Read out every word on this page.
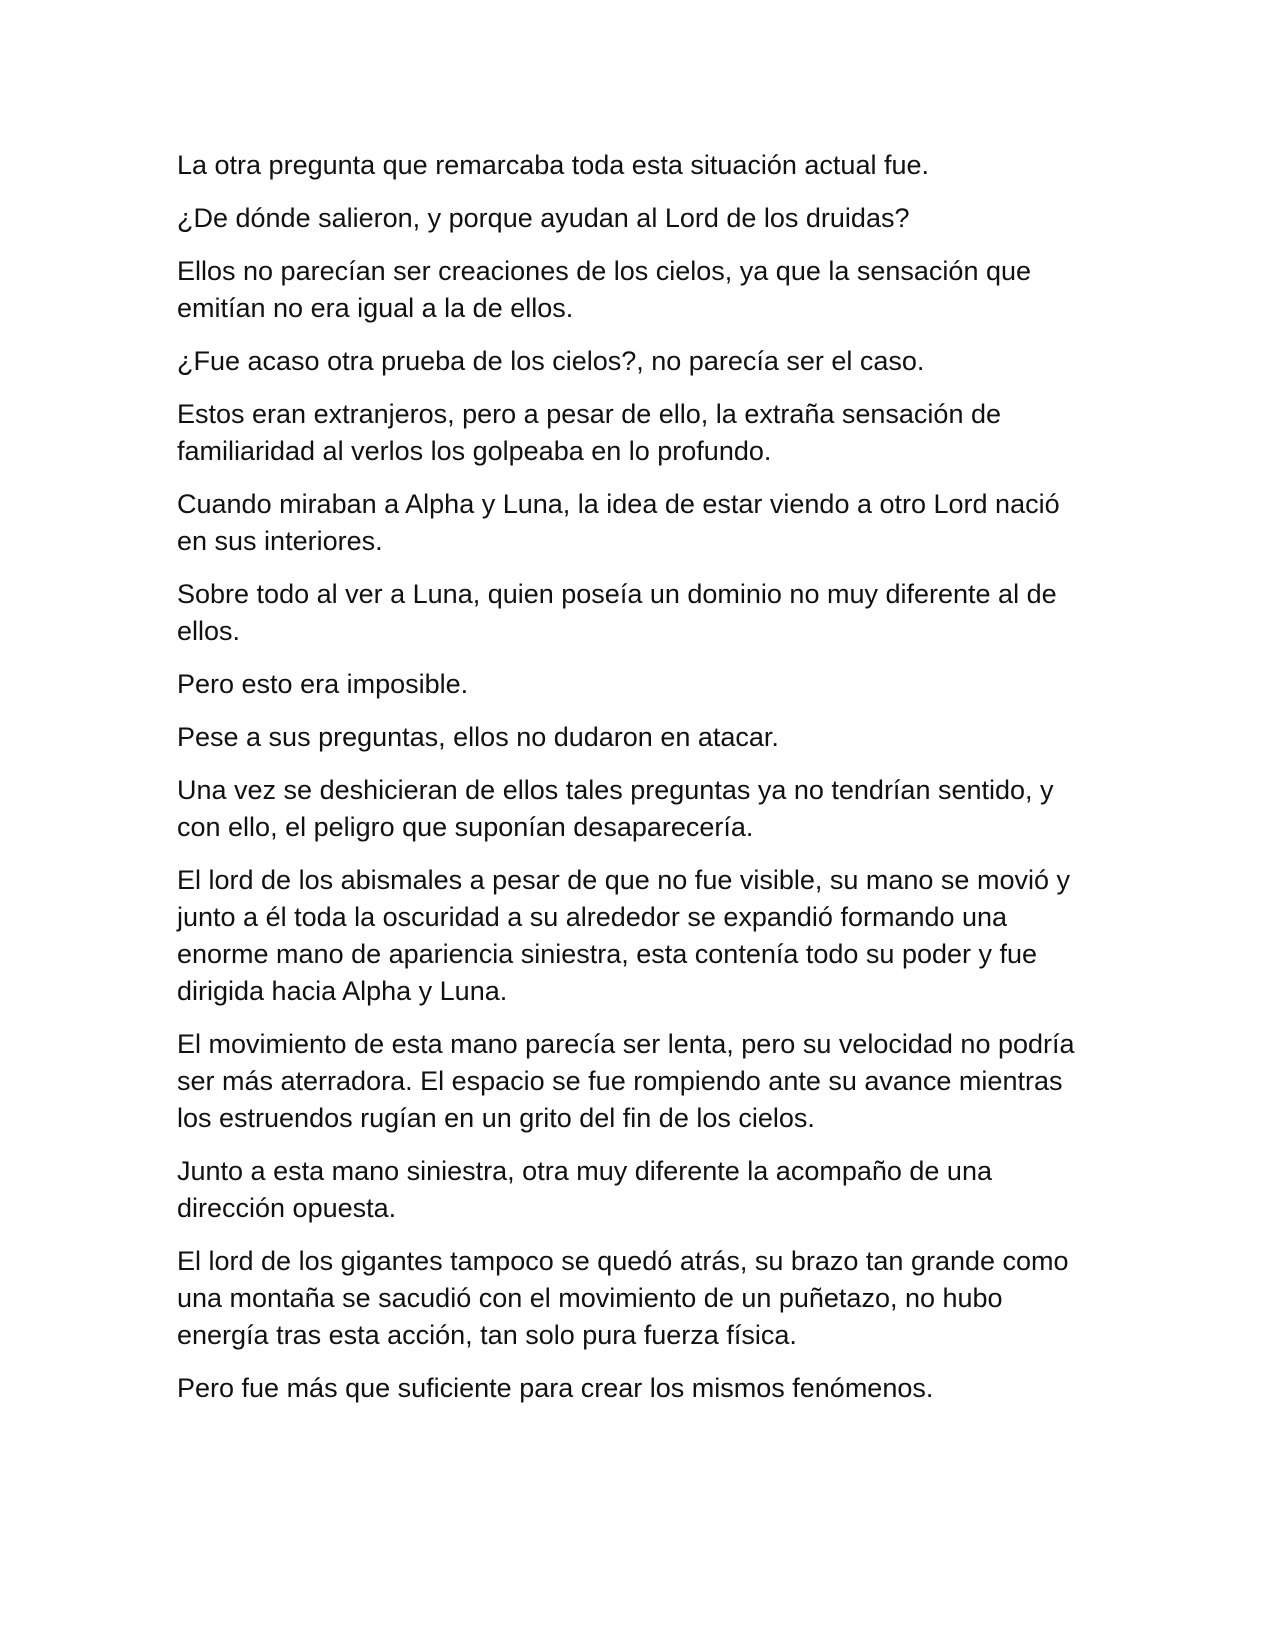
La otra pregunta que remarcaba toda esta situación actual fue.

¿De dónde salieron, y porque ayudan al Lord de los druidas?

Ellos no parecían ser creaciones de los cielos, ya que la sensación que emitían no era igual a la de ellos.

¿Fue acaso otra prueba de los cielos?, no parecía ser el caso.

Estos eran extranjeros, pero a pesar de ello, la extraña sensación de familiaridad al verlos los golpeaba en lo profundo.

Cuando miraban a Alpha y Luna, la idea de estar viendo a otro Lord nació en sus interiores.

Sobre todo al ver a Luna, quien poseía un dominio no muy diferente al de ellos.

Pero esto era imposible.

Pese a sus preguntas, ellos no dudaron en atacar.

Una vez se deshicieran de ellos tales preguntas ya no tendrían sentido, y con ello, el peligro que suponían desaparecería.

El lord de los abismales a pesar de que no fue visible, su mano se movió y junto a él toda la oscuridad a su alrededor se expandió formando una enorme mano de apariencia siniestra, esta contenía todo su poder y fue dirigida hacia Alpha y Luna.

El movimiento de esta mano parecía ser lenta, pero su velocidad no podría ser más aterradora. El espacio se fue rompiendo ante su avance mientras los estruendos rugían en un grito del fin de los cielos.

Junto a esta mano siniestra, otra muy diferente la acompaño de una dirección opuesta.

El lord de los gigantes tampoco se quedó atrás, su brazo tan grande como una montaña se sacudió con el movimiento de un puñetazo, no hubo energía tras esta acción, tan solo pura fuerza física.

Pero fue más que suficiente para crear los mismos fenómenos.
